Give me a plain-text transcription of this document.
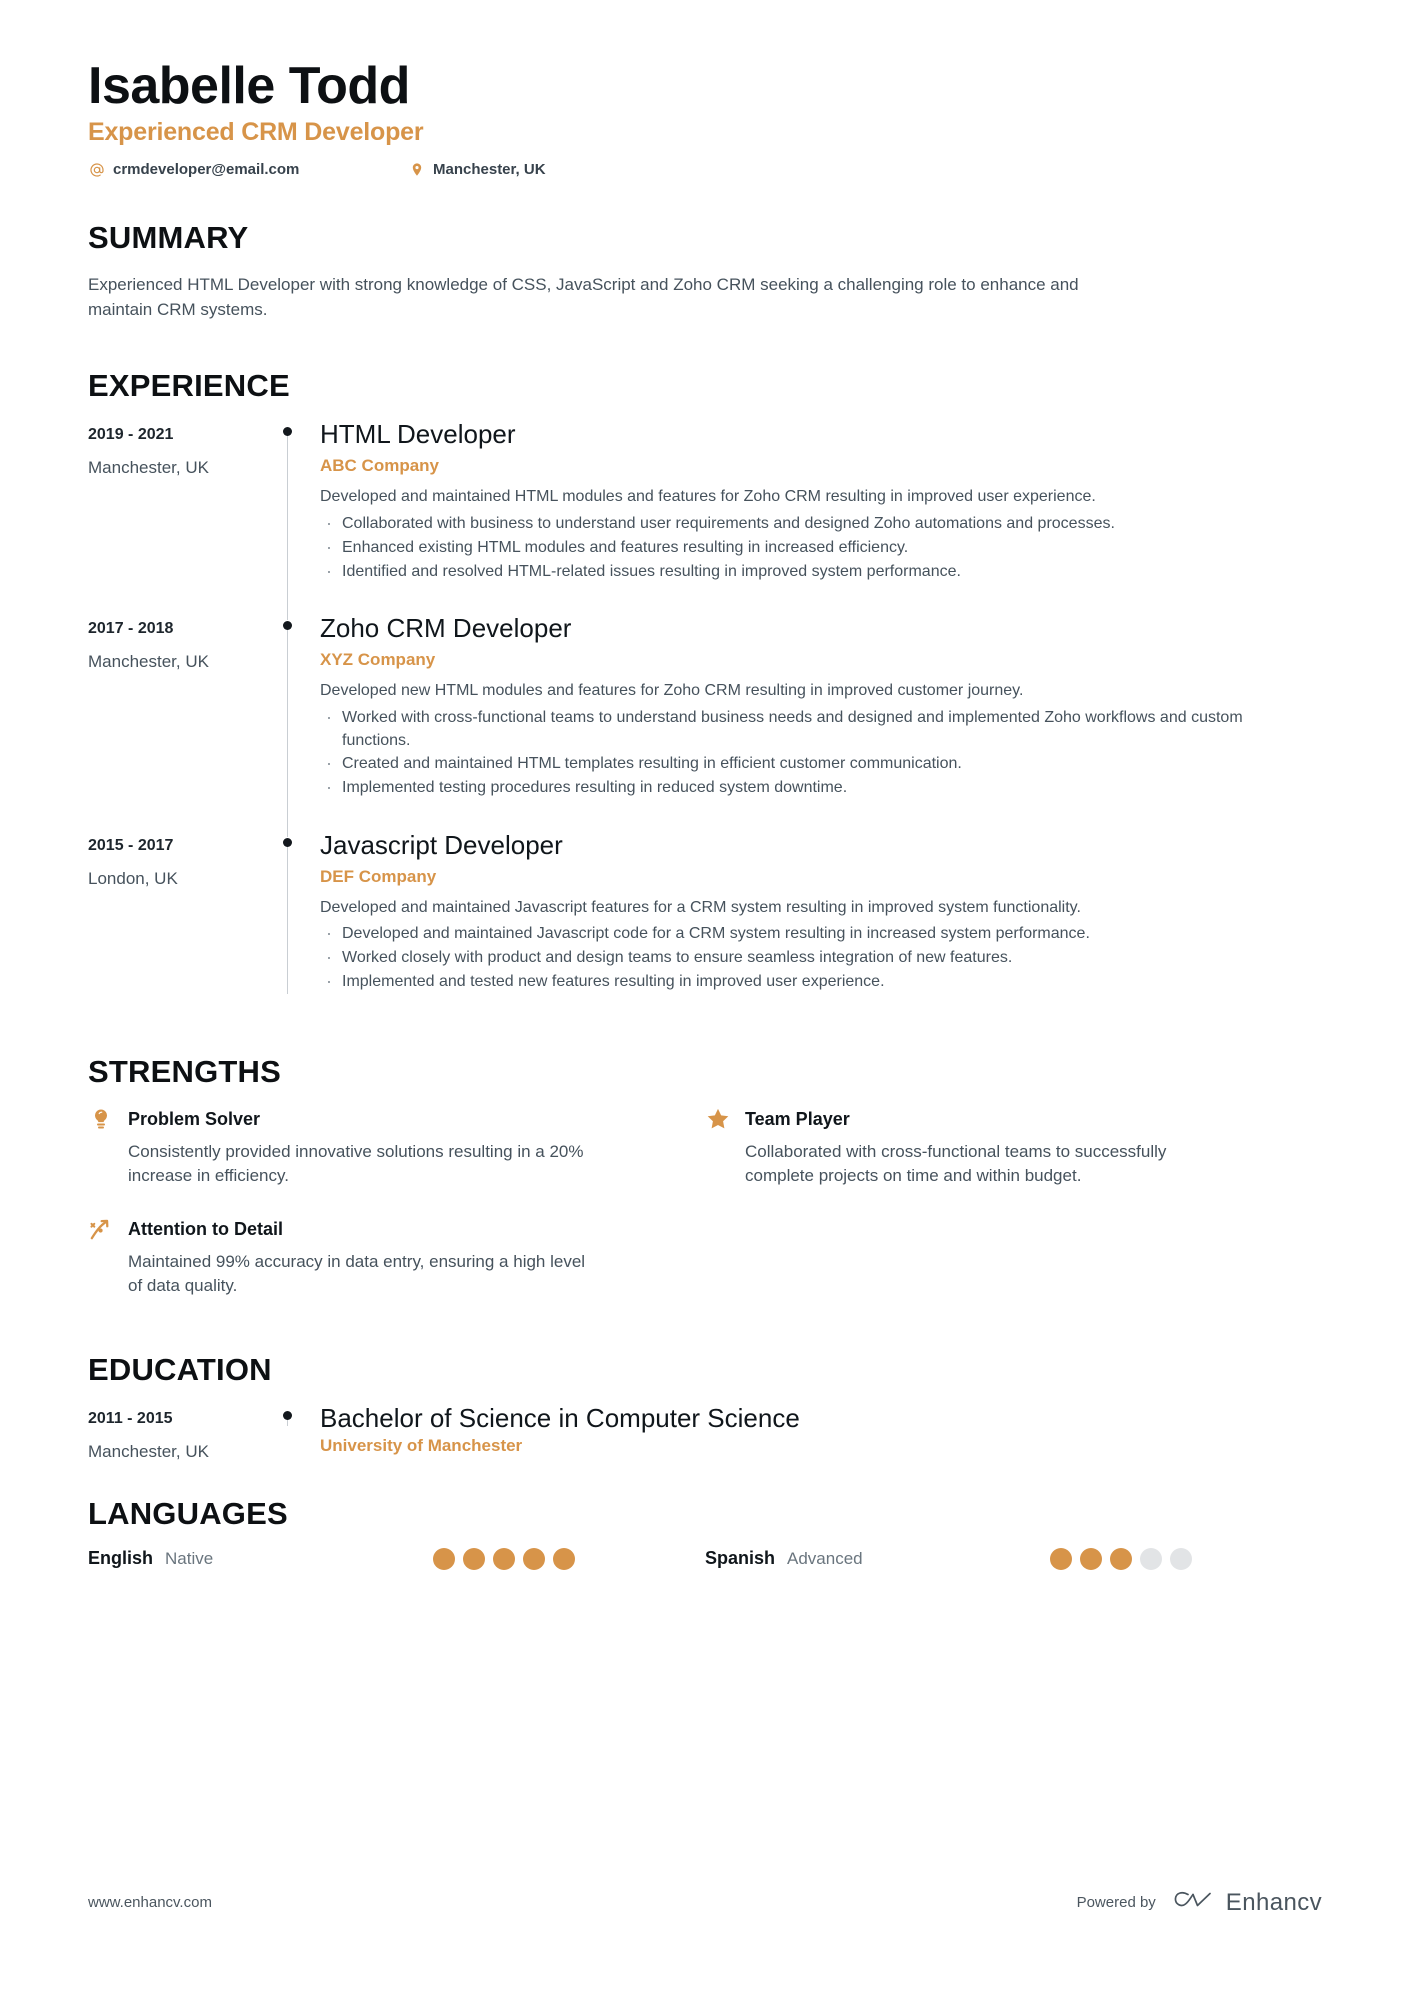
Isabelle Todd
Experienced CRM Developer
crmdeveloper@email.com	Manchester, UK
SUMMARY

Experienced HTML Developer with strong knowledge of CSS, JavaScript and Zoho CRM seeking a challenging role to enhance and maintain CRM systems.

EXPERIENCE
2019 - 2021
Manchester, UK
HTML Developer
ABC Company

Developed and maintained HTML modules and features for Zoho CRM resulting in improved user experience.

· Collaborated with business to understand user requirements and designed Zoho automations and processes.
· Enhanced existing HTML modules and features resulting in increased efficiency.
· Identified and resolved HTML-related issues resulting in improved system performance.
2017 - 2018
Manchester, UK
Zoho CRM Developer
XYZ Company

Developed new HTML modules and features for Zoho CRM resulting in improved customer journey.

· Worked with cross-functional teams to understand business needs and designed and implemented Zoho workflows and custom functions.
· Created and maintained HTML templates resulting in efficient customer communication.
· Implemented testing procedures resulting in reduced system downtime.
2015 - 2017
London, UK
Javascript Developer
DEF Company

Developed and maintained Javascript features for a CRM system resulting in improved system functionality.

· Developed and maintained Javascript code for a CRM system resulting in increased system performance.
· Worked closely with product and design teams to ensure seamless integration of new features.
· Implemented and tested new features resulting in improved user experience.
STRENGTHS
Problem Solver
Consistently provided innovative solutions resulting in a 20% increase in efficiency.
Team Player
Collaborated with cross-functional teams to successfully complete projects on time and within budget.
Attention to Detail
Maintained 99% accuracy in data entry, ensuring a high level of data quality.
EDUCATION
2011 - 2015
Manchester, UK
Bachelor of Science in Computer Science
University of Manchester
LANGUAGES
English Native	Spanish Advanced
www.enhancv.com	Powered by	Enhancv
